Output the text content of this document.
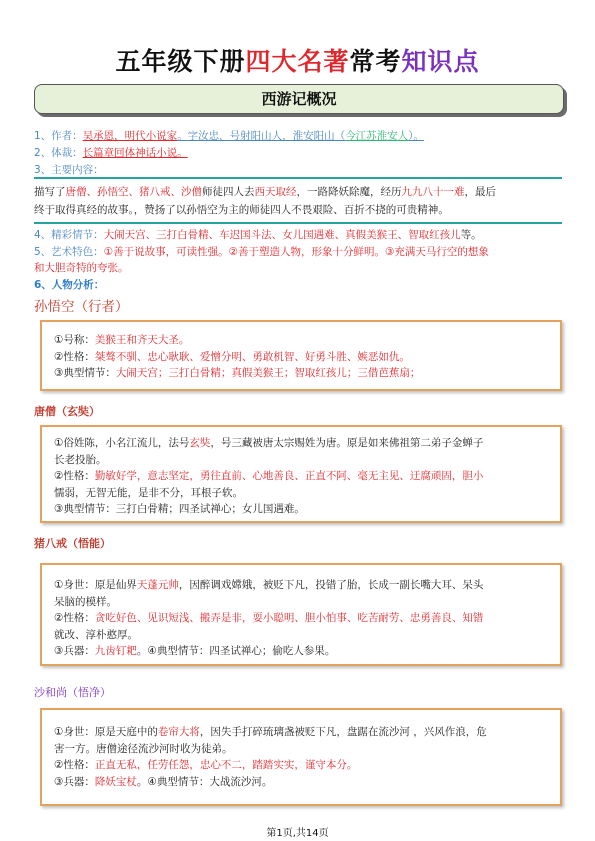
五年级下册四大名著常考知识点
西游记概况
1、作者：吴承恩，明代小说家。字汝忠，号射阳山人，淮安阳山（今江苏淮安人）。
2、体裁：长篇章回体神话小说。
3、主要内容：
描写了唐僧、孙悟空、猪八戒、沙僧师徒四人去西天取经，一路降妖除魔，经历九九八十一难，最后
终于取得真经的故事。，赞扬了以孙悟空为主的师徒四人不畏艰险、百折不挠的可贵精神。
4、精彩情节：大闹天宫、三打白骨精、车迟国斗法、女儿国遇难、真假美猴王、智取红孩儿等。
5、艺术特色：①善于说故事，可读性强。②善于塑造人物，形象十分鲜明。③充满天马行空的想象
和大胆奇特的夸张。
6、人物分析：
孙悟空（行者）
①号称：美猴王和齐天大圣。
②性格：桀骜不驯、忠心耿耿、爱憎分明、勇敢机智、好勇斗胜、嫉恶如仇。
③典型情节：大闹天宫；三打白骨精；真假美猴王；智取红孩儿；三借芭蕉扇；
唐僧（玄奘）
①俗姓陈，小名江流儿，法号玄奘，号三藏被唐太宗赐姓为唐。原是如来佛祖第二弟子金蝉子
长老投胎。
②性格：勤敏好学，意志坚定，勇往直前、心地善良、正直不阿、毫无主见、迂腐顽固，胆小
懦弱，无智无能，是非不分，耳根子软。
③典型情节：三打白骨精；四圣试禅心；女儿国遇难。
猪八戒（悟能）
①身世：原是仙界天蓬元帅，因醉调戏嫦娥，被贬下凡，投错了胎，长成一副长嘴大耳、呆头
呆脑的模样。
②性格：贪吃好色、见识短浅、搬弄是非，耍小聪明、胆小怕事、吃苦耐劳、忠勇善良、知错
就改、淳朴憨厚。
③兵器：九齿钉耙。④典型情节：四圣试禅心；偷吃人参果。
沙和尚（悟净）
①身世：原是天庭中的卷帘大将，因失手打碎琉璃盏被贬下凡，盘踞在流沙河 ，兴风作浪，危
害一方。唐僧途径流沙河时收为徒弟。
②性格：正直无私，任劳任怨，忠心不二，踏踏实实，谨守本分。
③兵器：降妖宝杖。④典型情节：大战流沙河。
第1页,共14页
